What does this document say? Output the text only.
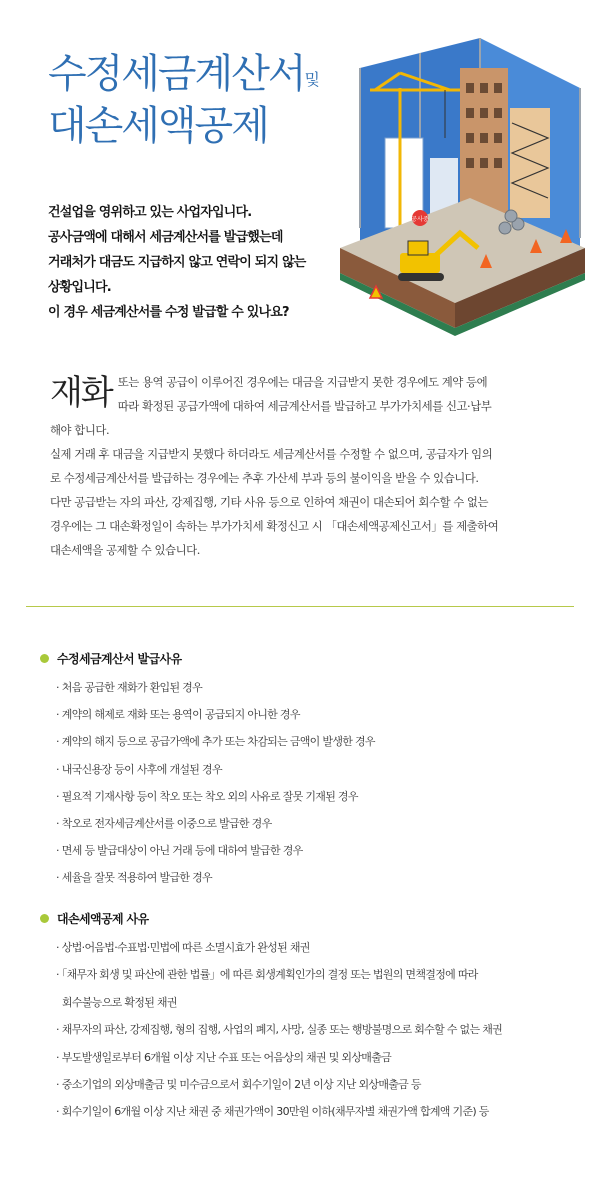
수정세금계산서$^및$
대손세액공제
건설업을 영위하고 있는 사업자입니다.
공사금액에 대해서 세금계산서를 발급했는데
거래처가 대금도 지급하지 않고 연락이 되지 않는
상황입니다.
이 경우 세금계산서를 수정 발급할 수 있나요?
공사중
재화 또는 용역 공급이 이루어진 경우에는 대금을 지급받지 못한 경우에도 계약 등에
따라 확정된 공급가액에 대하여 세금계산서를 발급하고 부가가치세를 신고·납부
해야 합니다.
실제 거래 후 대금을 지급받지 못했다 하더라도 세금계산서를 수정할 수 없으며, 공급자가 임의
로 수정세금계산서를 발급하는 경우에는 추후 가산세 부과 등의 불이익을 받을 수 있습니다.
다만 공급받는 자의 파산, 강제집행, 기타 사유 등으로 인하여 채권이 대손되어 회수할 수 없는
경우에는 그 대손확정일이 속하는 부가가치세 확정신고 시 「대손세액공제신고서」를 제출하여
대손세액을 공제할 수 있습니다.
수정세금계산서 발급사유
· 처음 공급한 재화가 환입된 경우
· 계약의 해제로 재화 또는 용역이 공급되지 아니한 경우
· 계약의 해지 등으로 공급가액에 추가 또는 차감되는 금액이 발생한 경우
· 내국신용장 등이 사후에 개설된 경우
· 필요적 기재사항 등이 착오 또는 착오 외의 사유로 잘못 기재된 경우
· 착오로 전자세금계산서를 이중으로 발급한 경우
· 면세 등 발급대상이 아닌 거래 등에 대하여 발급한 경우
· 세율을 잘못 적용하여 발급한 경우
대손세액공제 사유
· 상법·어음법·수표법·민법에 따른 소멸시효가 완성된 채권
· 「채무자 회생 및 파산에 관한 법률」에 따른 회생계획인가의 결정 또는 법원의 면책결정에 따라
회수불능으로 확정된 채권
· 채무자의 파산, 강제집행, 형의 집행, 사업의 폐지, 사망, 실종 또는 행방불명으로 회수할 수 없는 채권
· 부도발생일로부터 6개월 이상 지난 수표 또는 어음상의 채권 및 외상매출금
· 중소기업의 외상매출금 및 미수금으로서 회수기일이 2년 이상 지난 외상매출금 등
· 회수기일이 6개월 이상 지난 채권 중 채권가액이 30만원 이하(채무자별 채권가액 합계액 기준) 등
